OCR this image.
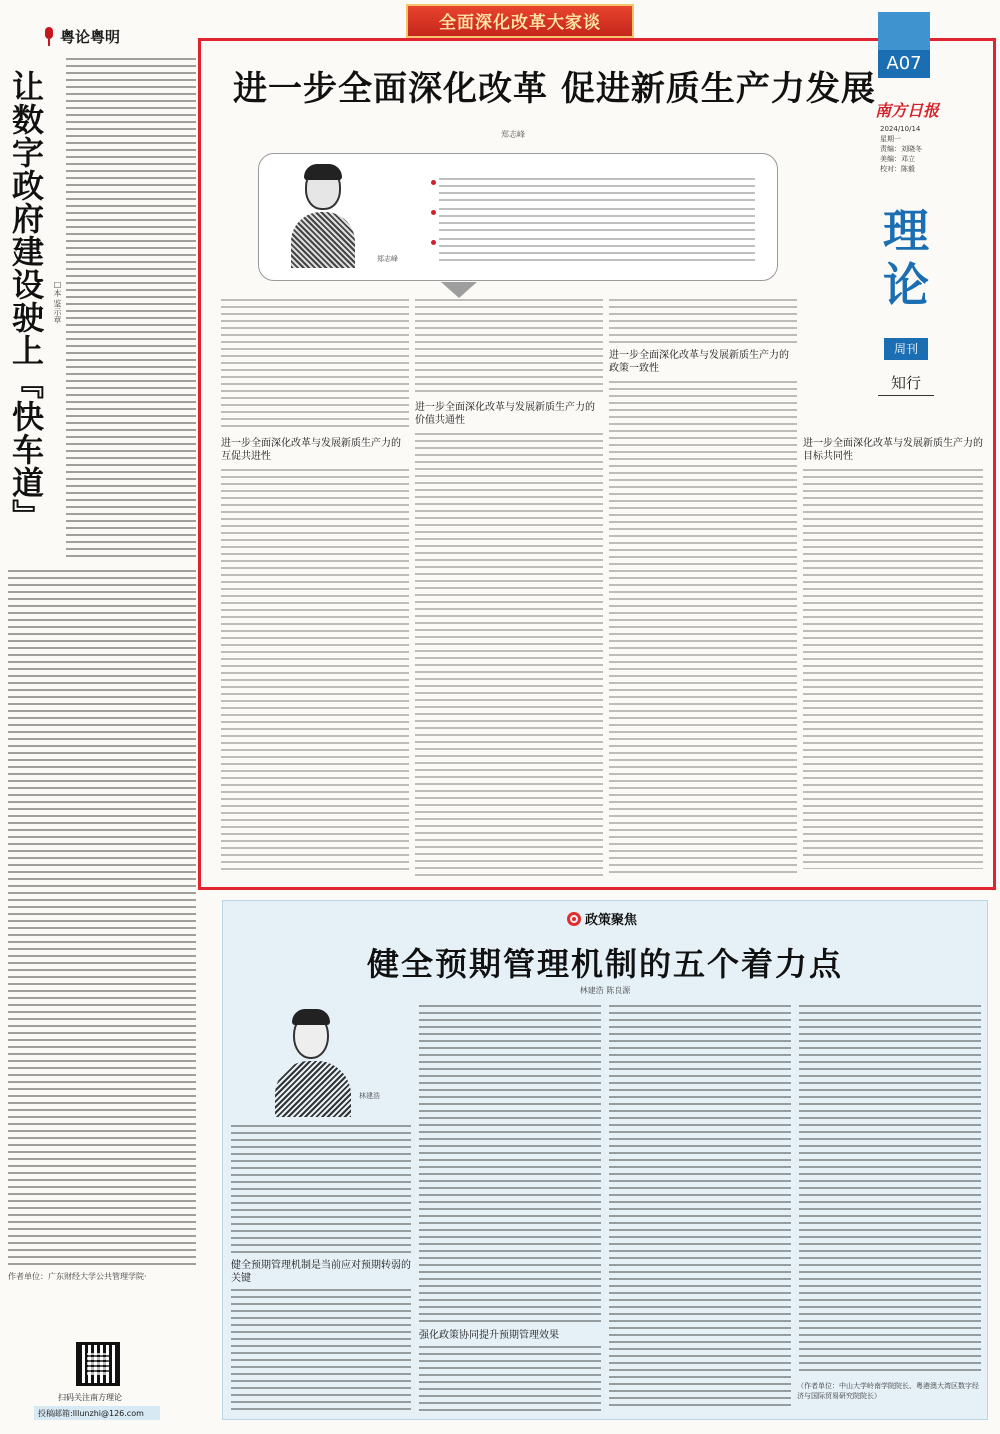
粤论粤明
让数字政府建设驶上『快车道』 □本 鉴示章
作者单位：广东财经大学公共管理学院·
扫码关注南方理论
投稿邮箱:lllunzhi@126.com
全面深化改革大家谈
进一步全面深化改革 促进新质生产力发展
郑志峰
郑志峰
进一步全面深化改革与发展新质生产力的互促共进性
进一步全面深化改革与发展新质生产力的价值共通性
进一步全面深化改革与发展新质生产力的政策一致性
进一步全面深化改革与发展新质生产力的目标共同性
A07
南方日报
2024/10/14
星期一
责编：刘晓冬
美编：邓立
校对：陈毅
理论
周刊
知行
政策聚焦
健全预期管理机制的五个着力点
林建浩 陈良源
林建浩
健全预期管理机制是当前应对预期转弱的关键
强化政策协同提升预期管理效果
（作者单位：中山大学岭南学院院长、粤港澳大湾区数字经济与国际贸易研究院院长）
